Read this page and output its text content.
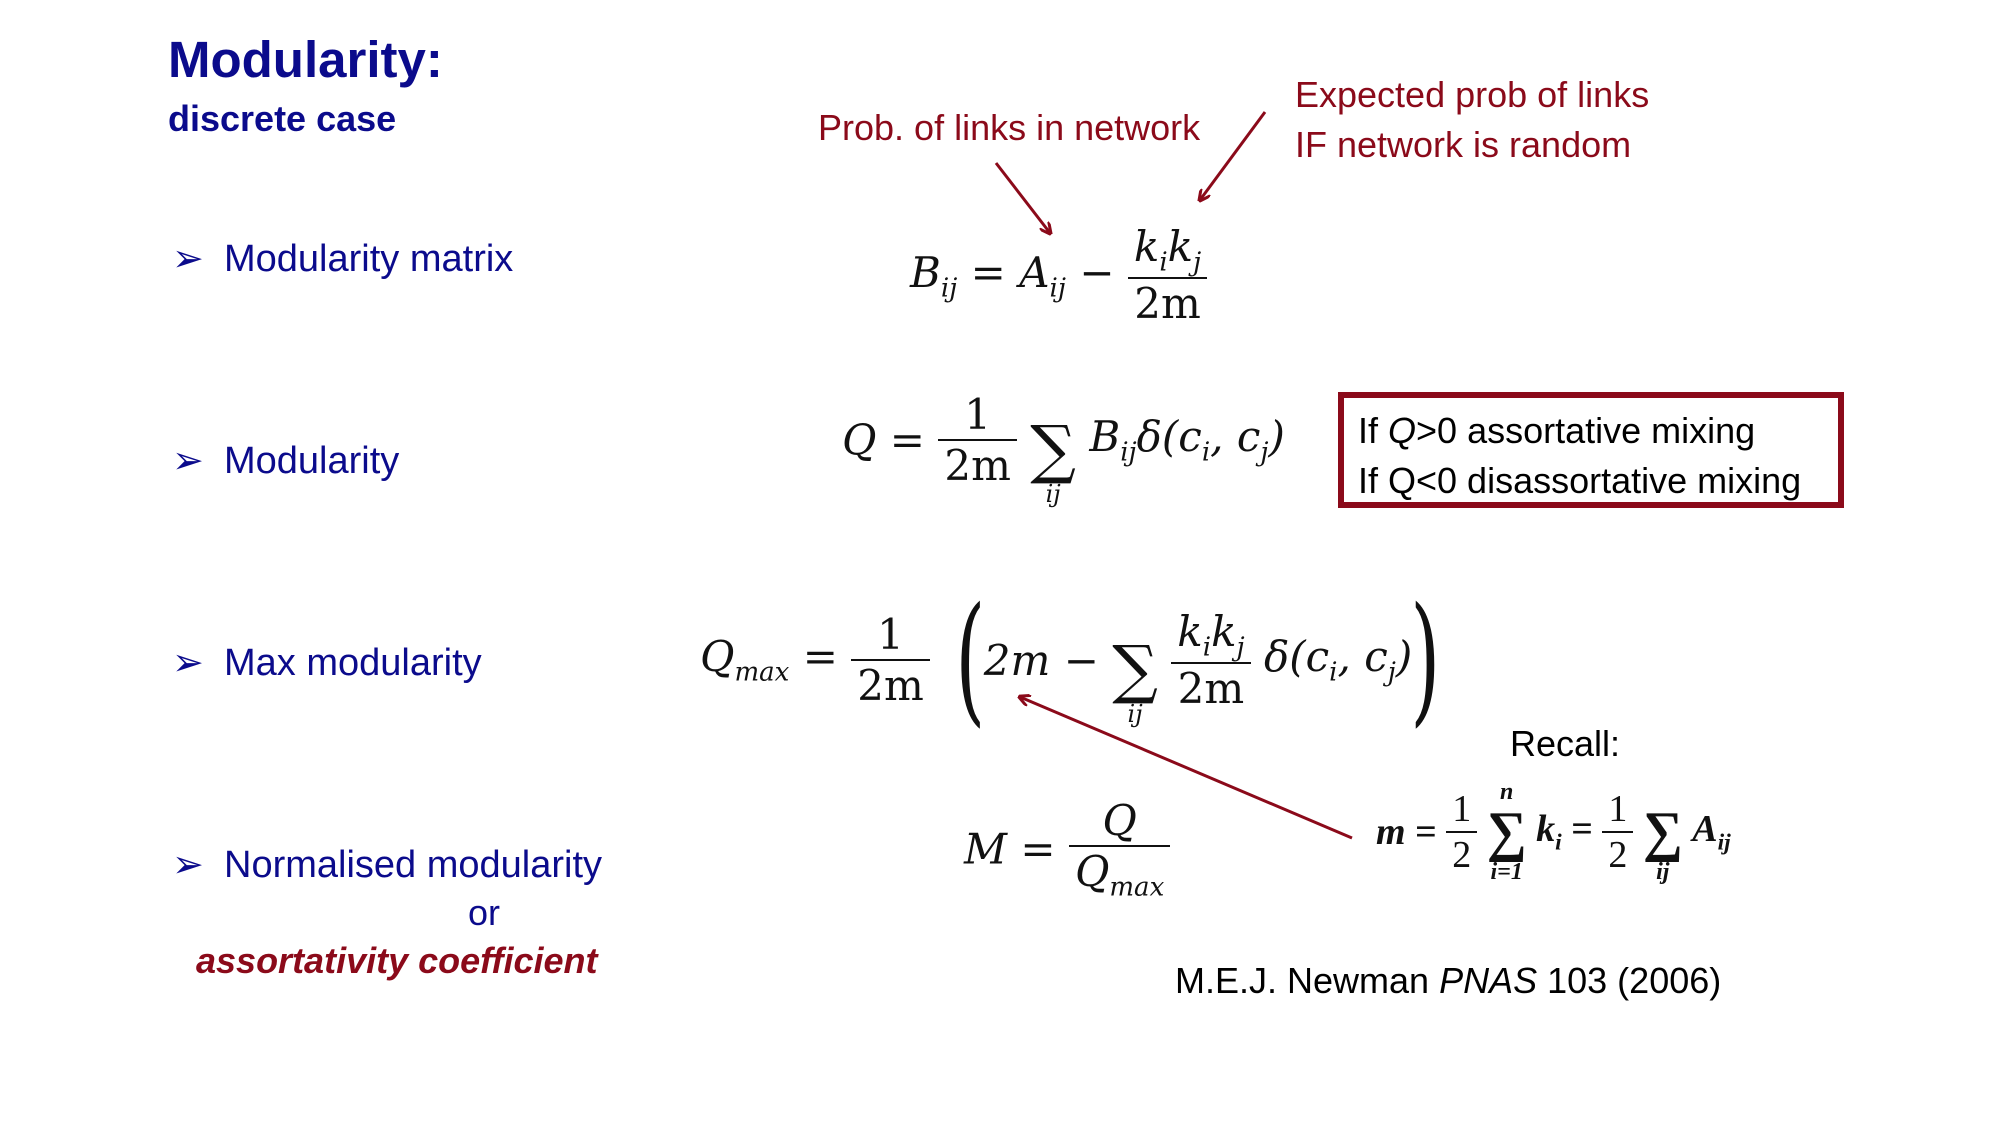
Modularity:
discrete case
➢ Modularity matrix
➢ Modularity
➢ Max modularity
➢ Normalised modularity
or
assortativity coefficient
Prob. of links in network
Expected prob of links
IF network is random
If Q>0 assortative mixing
If Q<0 disassortative mixing
$B_{ij} = A_{ij} - \frac{k_ik_j}{2m}$
$Q = \frac{1}{2m}$
∑
ij
$B_{ij}\delta(c_i$, $c_j$)
$Q_{max} = \frac{1}{2m} (2m$ − ∑
ij

$\frac{k_ik_j}{2m} \delta(c_i$, $c_j$))
$M = \frac{Q}{Q_{max}}$
Recall:
$m = \frac{1}{2}$
n
∑
i=1
$k_i = \frac{1}{2}$
∑
ij
$A_{ij}$
M.E.J. Newman PNAS 103 (2006)
